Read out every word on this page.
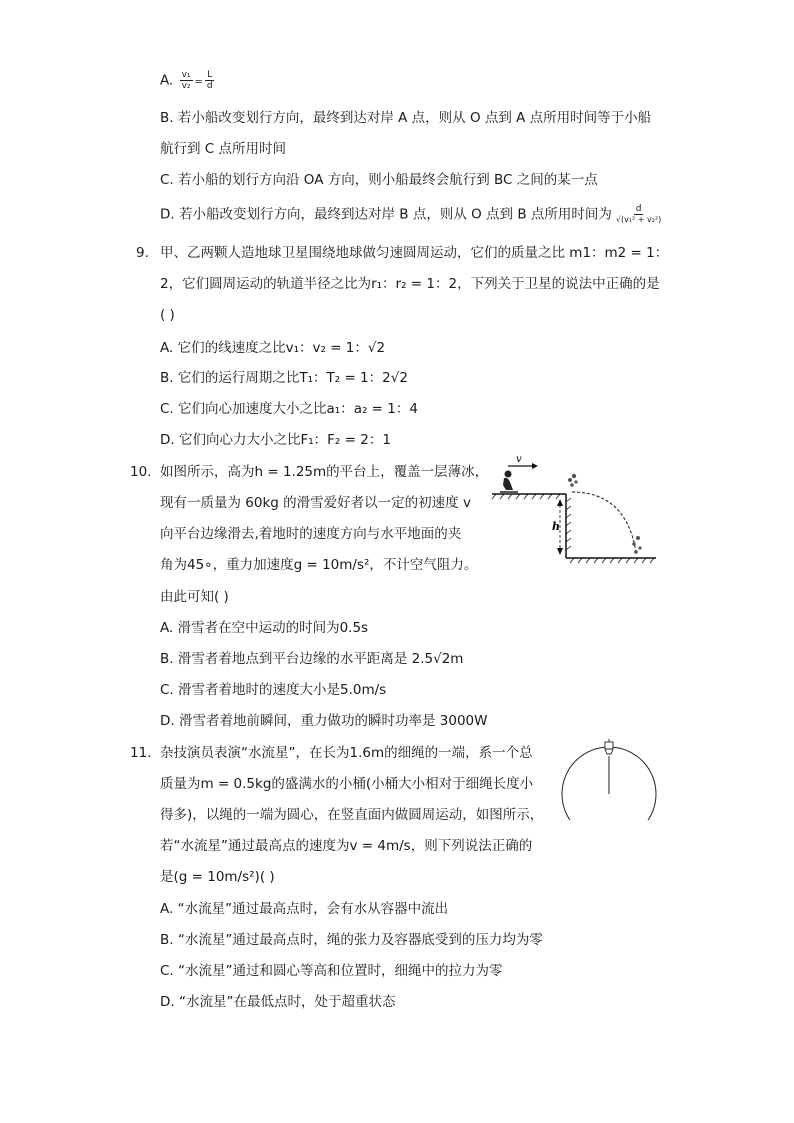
A. $\frac{\text{v₁}}{\text{v₂}} = \frac{L}{d}$
B. 若小船改变划行方向，最终到达对岸 A 点，则从 O 点到 A 点所用时间等于小船
航行到 C 点所用时间
C. 若小船的划行方向沿 OA 方向，则小船最终会航行到 BC 之间的某一点
D. 若小船改变划行方向，最终到达对岸 B 点，则从 O 点到 B 点所用时间为 $\frac{d}{\text{√(v₁² + v₂²)}}$
9. 甲、乙两颗人造地球卫星围绕地球做匀速圆周运动，它们的质量之比 m1：m2 = 1：
2，它们圆周运动的轨道半径之比为r₁：r₂ = 1：2，下列关于卫星的说法中正确的是
( )
A. 它们的线速度之比v₁：v₂ = 1：√2
B. 它们的运行周期之比T₁：T₂ = 1：2√2
C. 它们向心加速度大小之比a₁：a₂ = 1：4
D. 它们向心力大小之比F₁：F₂ = 2：1
10. 如图所示，高为h = 1.25m的平台上，覆盖一层薄冰，
现有一质量为 60kg 的滑雪爱好者以一定的初速度 v
向平台边缘滑去,着地时的速度方向与水平地面的夹
角为45∘，重力加速度g = 10m/s²，不计空气阻力。
由此可知( )
v
h
A. 滑雪者在空中运动的时间为0.5s
B. 滑雪者着地点到平台边缘的水平距离是 2.5√2m
C. 滑雪者着地时的速度大小是5.0m/s
D. 滑雪者着地前瞬间，重力做功的瞬时功率是 3000W
11. 杂技演员表演“水流星”，在长为1.6m的细绳的一端，系一个总
质量为m = 0.5kg的盛满水的小桶(小桶大小相对于细绳长度小
得多)，以绳的一端为圆心，在竖直面内做圆周运动，如图所示，
若“水流星”通过最高点的速度为v = 4m/s，则下列说法正确的
是(g = 10m/s²)( )
A. “水流星”通过最高点时，会有水从容器中流出
B. “水流星”通过最高点时，绳的张力及容器底受到的压力均为零
C. “水流星”通过和圆心等高和位置时，细绳中的拉力为零
D. “水流星”在最低点时，处于超重状态
